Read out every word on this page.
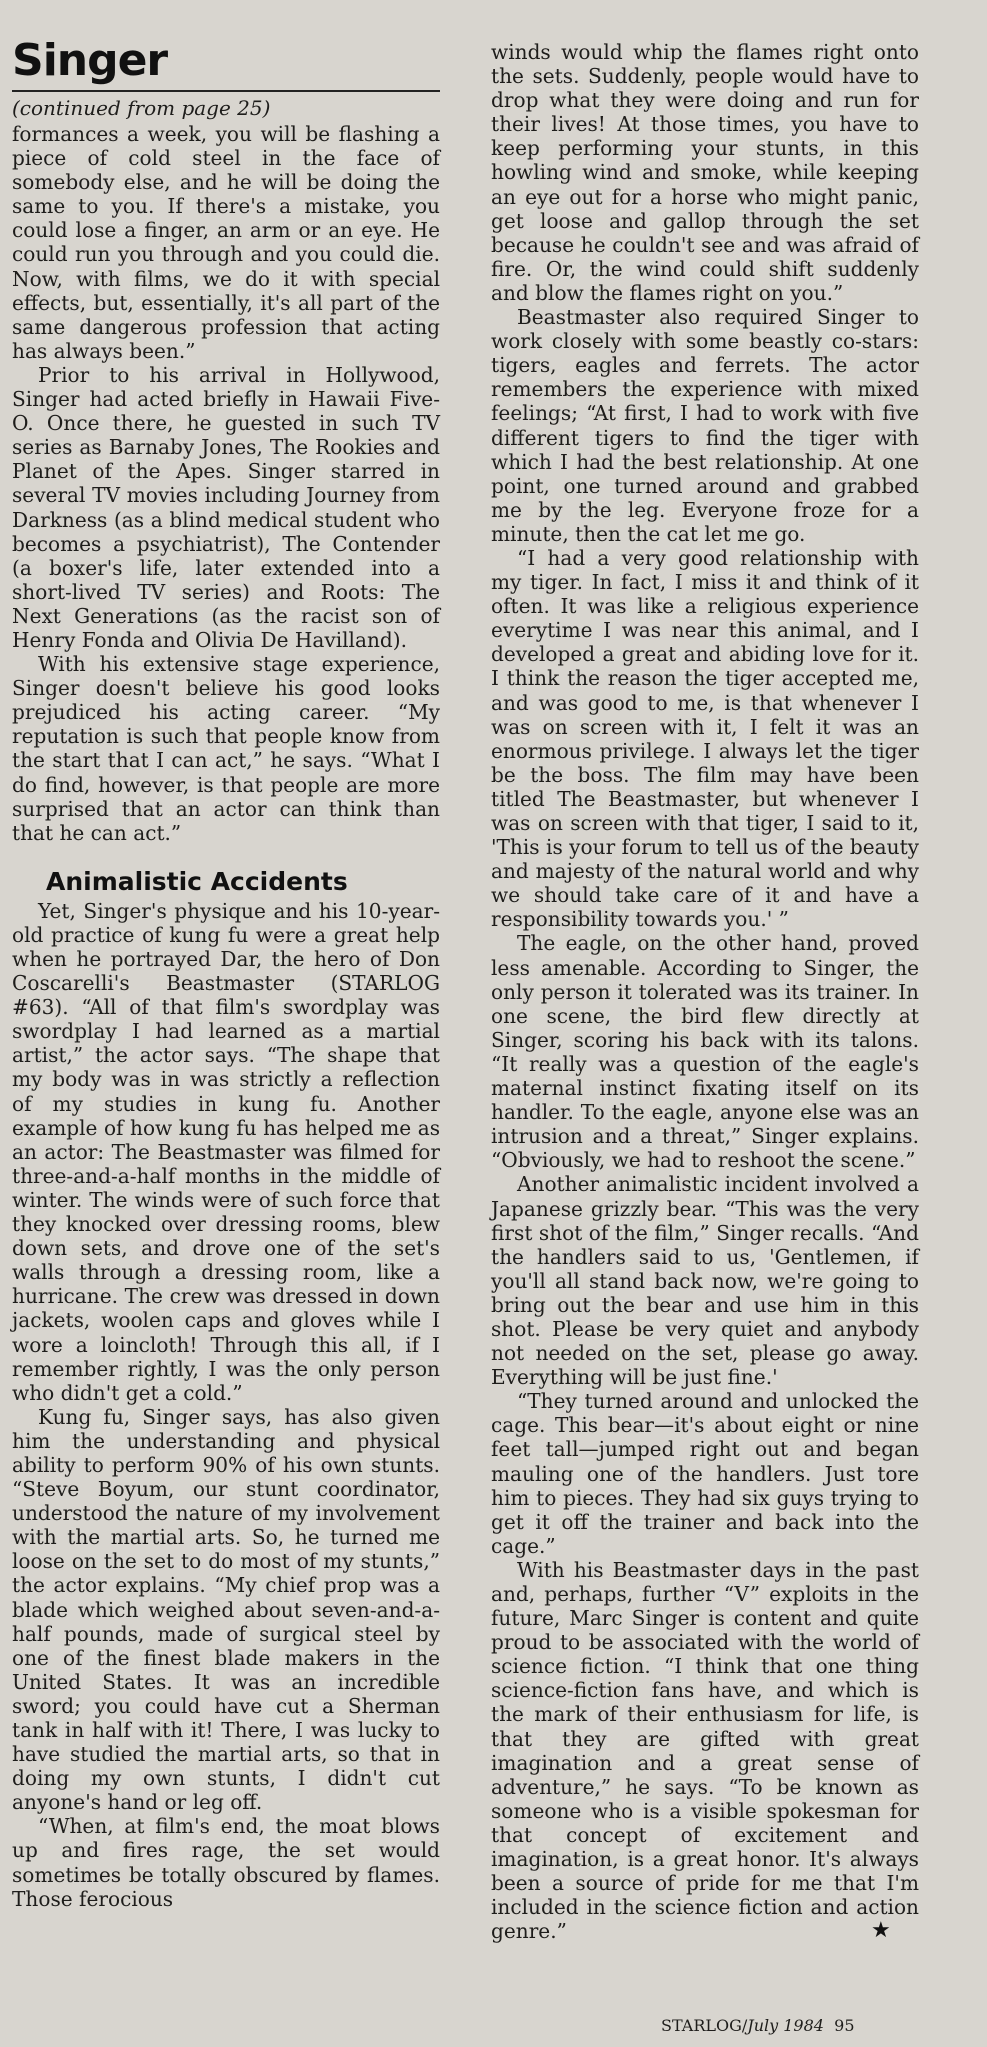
Singer
(continued from page 25)

formances a week, you will be flashing a piece of cold steel in the face of somebody else, and he will be doing the same to you. If there's a mistake, you could lose a finger, an arm or an eye. He could run you through and you could die. Now, with films, we do it with special effects, but, essentially, it's all part of the same dangerous profession that acting has always been.”

Prior to his arrival in Hollywood, Singer had acted briefly in Hawaii Five-O. Once there, he guested in such TV series as Barnaby Jones, The Rookies and Planet of the Apes. Singer starred in several TV movies including Journey from Darkness (as a blind medical student who becomes a psychiatrist), The Contender (a boxer's life, later extended into a short-lived TV series) and Roots: The Next Generations (as the racist son of Henry Fonda and Olivia De Havilland).

With his extensive stage experience, Singer doesn't believe his good looks prejudiced his acting career. “My reputation is such that people know from the start that I can act,” he says. “What I do find, however, is that people are more surprised that an actor can think than that he can act.”

Animalistic Accidents

Yet, Singer's physique and his 10-year-old practice of kung fu were a great help when he portrayed Dar, the hero of Don Coscarelli's Beastmaster (STARLOG #63). “All of that film's swordplay was swordplay I had learned as a martial artist,” the actor says. “The shape that my body was in was strictly a reflection of my studies in kung fu. Another example of how kung fu has helped me as an actor: The Beastmaster was filmed for three-and-a-half months in the middle of winter. The winds were of such force that they knocked over dressing rooms, blew down sets, and drove one of the set's walls through a dressing room, like a hurricane. The crew was dressed in down jackets, woolen caps and gloves while I wore a loincloth! Through this all, if I remember rightly, I was the only person who didn't get a cold.”

Kung fu, Singer says, has also given him the understanding and physical ability to perform 90% of his own stunts. “Steve Boyum, our stunt coordinator, understood the nature of my involvement with the martial arts. So, he turned me loose on the set to do most of my stunts,” the actor explains. “My chief prop was a blade which weighed about seven-and-a-half pounds, made of surgical steel by one of the finest blade makers in the United States. It was an incredible sword; you could have cut a Sherman tank in half with it! There, I was lucky to have studied the martial arts, so that in doing my own stunts, I didn't cut anyone's hand or leg off.

“When, at film's end, the moat blows up and fires rage, the set would sometimes be totally obscured by flames. Those ferocious

winds would whip the flames right onto the sets. Suddenly, people would have to drop what they were doing and run for their lives! At those times, you have to keep performing your stunts, in this howling wind and smoke, while keeping an eye out for a horse who might panic, get loose and gallop through the set because he couldn't see and was afraid of fire. Or, the wind could shift suddenly and blow the flames right on you.”

Beastmaster also required Singer to work closely with some beastly co-stars: tigers, eagles and ferrets. The actor remembers the experience with mixed feelings; “At first, I had to work with five different tigers to find the tiger with which I had the best relationship. At one point, one turned around and grabbed me by the leg. Everyone froze for a minute, then the cat let me go.

“I had a very good relationship with my tiger. In fact, I miss it and think of it often. It was like a religious experience everytime I was near this animal, and I developed a great and abiding love for it. I think the reason the tiger accepted me, and was good to me, is that whenever I was on screen with it, I felt it was an enormous privilege. I always let the tiger be the boss. The film may have been titled The Beastmaster, but whenever I was on screen with that tiger, I said to it, 'This is your forum to tell us of the beauty and majesty of the natural world and why we should take care of it and have a responsibility towards you.' ”

The eagle, on the other hand, proved less amenable. According to Singer, the only person it tolerated was its trainer. In one scene, the bird flew directly at Singer, scoring his back with its talons. “It really was a question of the eagle's maternal instinct fixating itself on its handler. To the eagle, anyone else was an intrusion and a threat,” Singer explains. “Obviously, we had to reshoot the scene.”

Another animalistic incident involved a Japanese grizzly bear. “This was the very first shot of the film,” Singer recalls. “And the handlers said to us, 'Gentlemen, if you'll all stand back now, we're going to bring out the bear and use him in this shot. Please be very quiet and anybody not needed on the set, please go away. Everything will be just fine.'

“They turned around and unlocked the cage. This bear—it's about eight or nine feet tall—jumped right out and began mauling one of the handlers. Just tore him to pieces. They had six guys trying to get it off the trainer and back into the cage.”

With his Beastmaster days in the past and, perhaps, further “V” exploits in the future, Marc Singer is content and quite proud to be associated with the world of science fiction. “I think that one thing science-fiction fans have, and which is the mark of their enthusiasm for life, is that they are gifted with great imagination and a great sense of adventure,” he says. “To be known as someone who is a visible spokesman for that concept of excitement and imagination, is a great honor. It's always been a source of pride for me that I'm included in the science fiction and action genre.”	★
STARLOG/July 1984 95
